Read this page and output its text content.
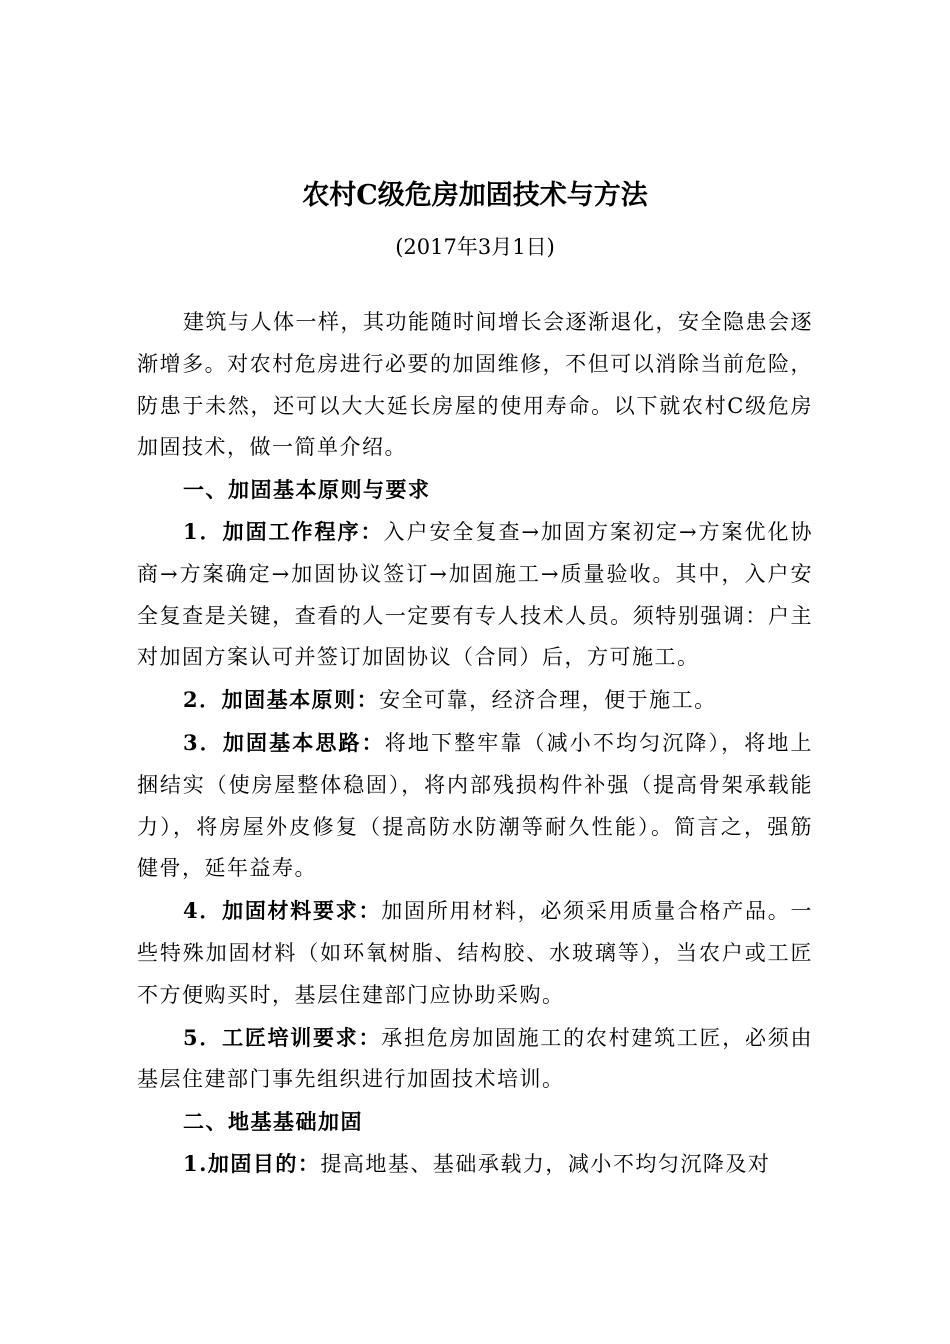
农村C级危房加固技术与方法
(2017年3月1日)

建筑与人体一样，其功能随时间增长会逐渐退化，安全隐患会逐渐增多。对农村危房进行必要的加固维修，不但可以消除当前危险，防患于未然，还可以大大延长房屋的使用寿命。以下就农村C级危房加固技术，做一简单介绍。

一、加固基本原则与要求

1．加固工作程序：入户安全复查→加固方案初定→方案优化协商→方案确定→加固协议签订→加固施工→质量验收。其中，入户安全复查是关键，查看的人一定要有专人技术人员。须特别强调：户主对加固方案认可并签订加固协议（合同）后，方可施工。

2．加固基本原则：安全可靠，经济合理，便于施工。

3．加固基本思路：将地下整牢靠（减小不均匀沉降），将地上捆结实（使房屋整体稳固），将内部残损构件补强（提高骨架承载能力），将房屋外皮修复（提高防水防潮等耐久性能）。简言之，强筋健骨，延年益寿。

4．加固材料要求：加固所用材料，必须采用质量合格产品。一些特殊加固材料（如环氧树脂、结构胶、水玻璃等），当农户或工匠不方便购买时，基层住建部门应协助采购。

5．工匠培训要求：承担危房加固施工的农村建筑工匠，必须由基层住建部门事先组织进行加固技术培训。

二、地基基础加固

1.加固目的：提高地基、基础承载力，减小不均匀沉降及对
